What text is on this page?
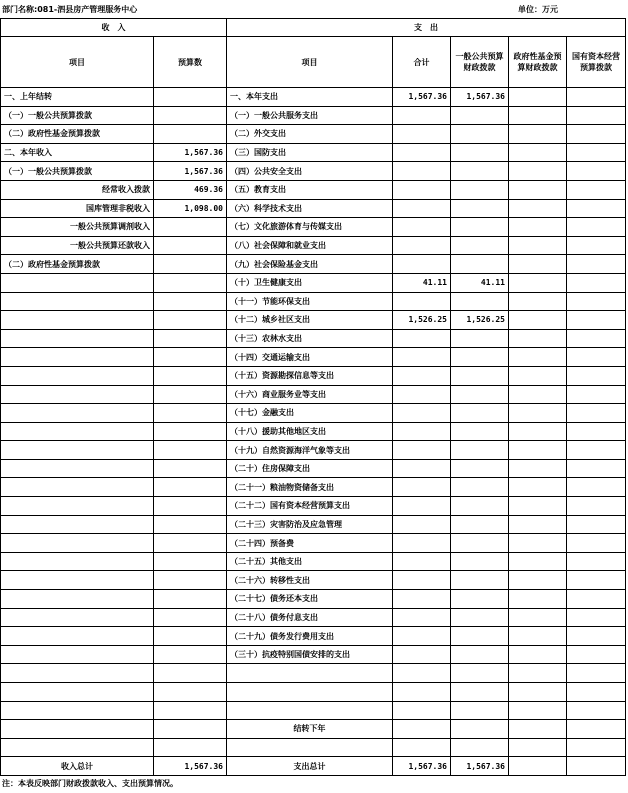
部门名称:081-泗县房产管理服务中心	单位：万元
收　入		支　出				
项目	预算数	项目	合计	一般公共预算财政拨款	政府性基金预算财政拨款	国有资本经营预算拨款
一、上年结转		一、本年支出	1,567.36	1,567.36		
（一）一般公共预算拨款		（一）一般公共服务支出				
（二）政府性基金预算拨款		（二）外交支出				
二、本年收入	1,567.36	（三）国防支出				
（一）一般公共预算拨款	1,567.36	（四）公共安全支出				
经常收入拨款	469.36	（五）教育支出				
国库管理非税收入	1,098.00	（六）科学技术支出				
一般公共预算调剂收入		（七）文化旅游体育与传媒支出				
一般公共预算还款收入		（八）社会保障和就业支出				
（二）政府性基金预算拨款		（九）社会保险基金支出				
		（十）卫生健康支出	41.11	41.11		
		（十一）节能环保支出				
		（十二）城乡社区支出	1,526.25	1,526.25		
		（十三）农林水支出				
		（十四）交通运输支出				
		（十五）资源勘探信息等支出				
		（十六）商业服务业等支出				
		（十七）金融支出				
		（十八）援助其他地区支出				
		（十九）自然资源海洋气象等支出				
		（二十）住房保障支出				
		（二十一）粮油物资储备支出				
		（二十二）国有资本经营预算支出				
		（二十三）灾害防治及应急管理				
		（二十四）预备费				
		（二十五）其他支出				
		（二十六）转移性支出				
		（二十七）债务还本支出				
		（二十八）债务付息支出				
		（二十九）债务发行费用支出				
		（三十）抗疫特别国债安排的支出				

		结转下年				

收入总计	1,567.36	支出总计	1,567.36	1,567.36		
注：本表反映部门财政拨款收入、支出预算情况。
